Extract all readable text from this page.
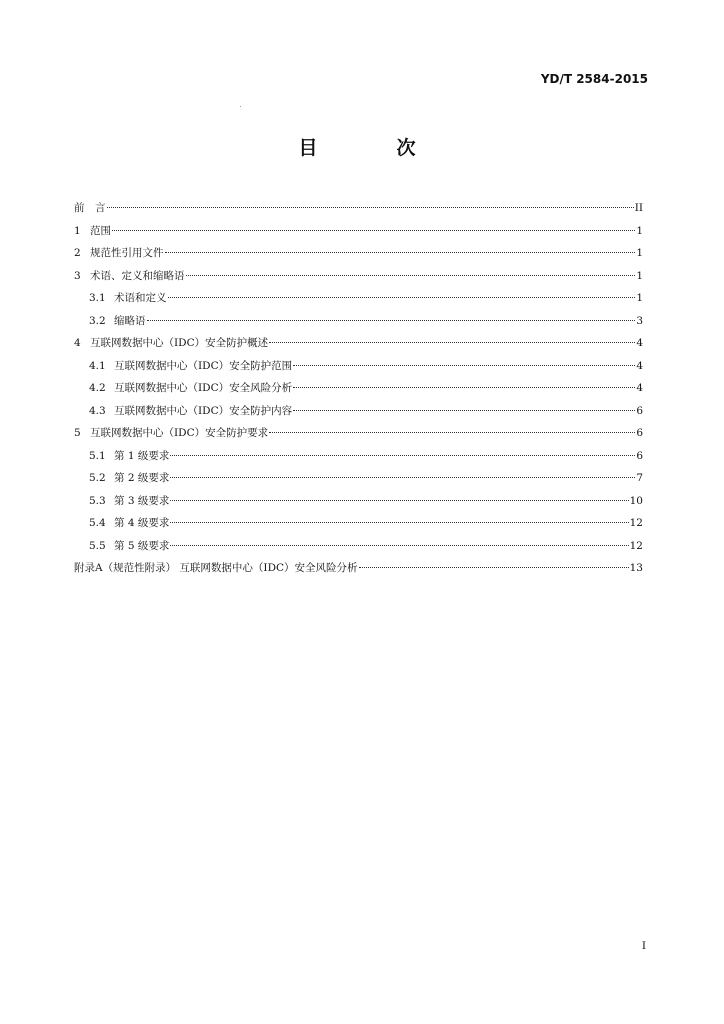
YD/T 2584-2015
目　次
前　言	II
1 范围	1
2 规范性引用文件	1
3 术语、定义和缩略语	1
3.1 术语和定义	1
3.2 缩略语	3
4 互联网数据中心（IDC）安全防护概述	4
4.1 互联网数据中心（IDC）安全防护范围	4
4.2 互联网数据中心（IDC）安全风险分析	4
4.3 互联网数据中心（IDC）安全防护内容	6
5 互联网数据中心（IDC）安全防护要求	6
5.1 第 1 级要求	6
5.2 第 2 级要求	7
5.3 第 3 级要求	10
5.4 第 4 级要求	12
5.5 第 5 级要求	12
附录A（规范性附录） 互联网数据中心（IDC）安全风险分析	13
I
